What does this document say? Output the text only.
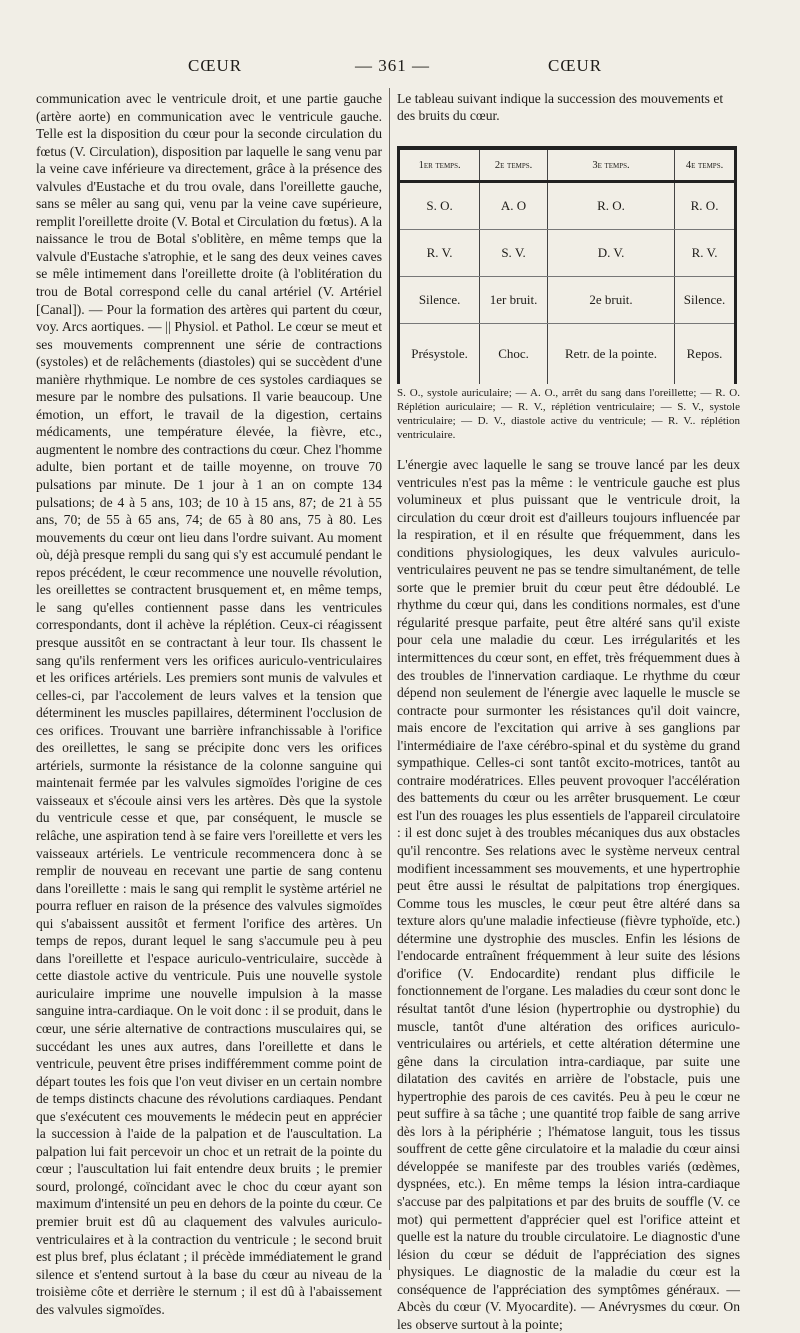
CŒUR	— 361 —	CŒUR

communication avec le ventricule droit, et une partie gauche (artère aorte) en communication avec le ventricule gauche. Telle est la disposition du cœur pour la seconde circulation du fœtus (V. Circulation), disposition par laquelle le sang venu par la veine cave inférieure va directement, grâce à la présence des valvules d'Eustache et du trou ovale, dans l'oreillette gauche, sans se mêler au sang qui, venu par la veine cave supérieure, remplit l'oreillette droite (V. Botal et Circulation du fœtus). A la naissance le trou de Botal s'oblitère, en même temps que la valvule d'Eustache s'atrophie, et le sang des deux veines caves se mêle intimement dans l'oreillette droite (à l'oblitération du trou de Botal correspond celle du canal artériel (V. Artériel [Canal]). — Pour la formation des artères qui partent du cœur, voy. Arcs aortiques. — || Physiol. et Pathol. Le cœur se meut et ses mouvements comprennent une série de contractions (systoles) et de relâchements (diastoles) qui se succèdent d'une manière rhythmique. Le nombre de ces systoles cardiaques se mesure par le nombre des pulsations. Il varie beaucoup. Une émotion, un effort, le travail de la digestion, certains médicaments, une température élevée, la fièvre, etc., augmentent le nombre des contractions du cœur. Chez l'homme adulte, bien portant et de taille moyenne, on trouve 70 pulsations par minute. De 1 jour à 1 an on compte 134 pulsations; de 4 à 5 ans, 103; de 10 à 15 ans, 87; de 21 à 55 ans, 70; de 55 à 65 ans, 74; de 65 à 80 ans, 75 à 80. Les mouvements du cœur ont lieu dans l'ordre suivant. Au moment où, déjà presque rempli du sang qui s'y est accumulé pendant le repos précédent, le cœur recommence une nouvelle révolution, les oreillettes se contractent brusquement et, en même temps, le sang qu'elles contiennent passe dans les ventricules correspondants, dont il achève la réplétion. Ceux-ci réagissent presque aussitôt en se contractant à leur tour. Ils chassent le sang qu'ils renferment vers les orifices auriculo-ventriculaires et les orifices artériels. Les premiers sont munis de valvules et celles-ci, par l'accolement de leurs valves et la tension que déterminent les muscles papillaires, déterminent l'occlusion de ces orifices. Trouvant une barrière infranchissable à l'orifice des oreillettes, le sang se précipite donc vers les orifices artériels, surmonte la résistance de la colonne sanguine qui maintenait fermée par les valvules sigmoïdes l'origine de ces vaisseaux et s'écoule ainsi vers les artères. Dès que la systole du ventricule cesse et que, par conséquent, le muscle se relâche, une aspiration tend à se faire vers l'oreillette et vers les vaisseaux artériels. Le ventricule recommencera donc à se remplir de nouveau en recevant une partie de sang contenu dans l'oreillette : mais le sang qui remplit le système artériel ne pourra refluer en raison de la présence des valvules sigmoïdes qui s'abaissent aussitôt et ferment l'orifice des artères. Un temps de repos, durant lequel le sang s'accumule peu à peu dans l'oreillette et l'espace auriculo-ventriculaire, succède à cette diastole active du ventricule. Puis une nouvelle systole auriculaire imprime une nouvelle impulsion à la masse sanguine intra-cardiaque. On le voit donc : il se produit, dans le cœur, une série alternative de contractions musculaires qui, se succédant les unes aux autres, dans l'oreillette et dans le ventricule, peuvent être prises indifféremment comme point de départ toutes les fois que l'on veut diviser en un certain nombre de temps distincts chacune des révolutions cardiaques. Pendant que s'exécutent ces mouvements le médecin peut en apprécier la succession à l'aide de la palpation et de l'auscultation. La palpation lui fait percevoir un choc et un retrait de la pointe du cœur ; l'auscultation lui fait entendre deux bruits ; le premier sourd, prolongé, coïncidant avec le choc du cœur ayant son maximum d'intensité un peu en dehors de la pointe du cœur. Ce premier bruit est dû au claquement des valvules auriculo-ventriculaires et à la contraction du ventricule ; le second bruit est plus bref, plus éclatant ; il précède immédiatement le grand silence et s'entend surtout à la base du cœur au niveau de la troisième côte et derrière le sternum ; il est dû à l'abaissement des valvules sigmoïdes.

Le tableau suivant indique la succession des mouvements et des bruits du cœur.
1er temps.	2e temps.	3e temps.	4e temps.
S. O.	A. O	R. O.	R. O.
R. V.	S. V.	D. V.	R. V.
Silence.	1er bruit.	2e bruit.	Silence.
Présystole.	Choc.	Retr. de la pointe.	Repos.
S. O., systole auriculaire; — A. O., arrêt du sang dans l'oreillette; — R. O. Réplétion auriculaire; — R. V., réplétion ventriculaire; — S. V., systole ventriculaire; — D. V., diastole active du ventricule; — R. V.. réplétion ventriculaire.

L'énergie avec laquelle le sang se trouve lancé par les deux ventricules n'est pas la même : le ventricule gauche est plus volumineux et plus puissant que le ventricule droit, la circulation du cœur droit est d'ailleurs toujours influencée par la respiration, et il en résulte que fréquemment, dans les conditions physiologiques, les deux valvules auriculo-ventriculaires peuvent ne pas se tendre simultanément, de telle sorte que le premier bruit du cœur peut être dédoublé. Le rhythme du cœur qui, dans les conditions normales, est d'une régularité presque parfaite, peut être altéré sans qu'il existe pour cela une maladie du cœur. Les irrégularités et les intermittences du cœur sont, en effet, très fréquemment dues à des troubles de l'innervation cardiaque. Le rhythme du cœur dépend non seulement de l'énergie avec laquelle le muscle se contracte pour surmonter les résistances qu'il doit vaincre, mais encore de l'excitation qui arrive à ses ganglions par l'intermédiaire de l'axe cérébro-spinal et du système du grand sympathique. Celles-ci sont tantôt excito-motrices, tantôt au contraire modératrices. Elles peuvent provoquer l'accélération des battements du cœur ou les arrêter brusquement. Le cœur est l'un des rouages les plus essentiels de l'appareil circulatoire : il est donc sujet à des troubles mécaniques dus aux obstacles qu'il rencontre. Ses relations avec le système nerveux central modifient incessamment ses mouvements, et une hypertrophie peut être aussi le résultat de palpitations trop énergiques. Comme tous les muscles, le cœur peut être altéré dans sa texture alors qu'une maladie infectieuse (fièvre typhoïde, etc.) détermine une dystrophie des muscles. Enfin les lésions de l'endocarde entraînent fréquemment à leur suite des lésions d'orifice (V. Endocardite) rendant plus difficile le fonctionnement de l'organe. Les maladies du cœur sont donc le résultat tantôt d'une lésion (hypertrophie ou dystrophie) du muscle, tantôt d'une altération des orifices auriculo-ventriculaires ou artériels, et cette altération détermine une gêne dans la circulation intra-cardiaque, par suite une dilatation des cavités en arrière de l'obstacle, puis une hypertrophie des parois de ces cavités. Peu à peu le cœur ne peut suffire à sa tâche ; une quantité trop faible de sang arrive dès lors à la périphérie ; l'hématose languit, tous les tissus souffrent de cette gêne circulatoire et la maladie du cœur ainsi développée se manifeste par des troubles variés (œdèmes, dyspnées, etc.). En même temps la lésion intra-cardiaque s'accuse par des palpitations et par des bruits de souffle (V. ce mot) qui permettent d'apprécier quel est l'orifice atteint et quelle est la nature du trouble circulatoire. Le diagnostic d'une lésion du cœur se déduit de l'appréciation des signes physiques. Le diagnostic de la maladie du cœur est la conséquence de l'appréciation des symptômes généraux. — Abcès du cœur (V. Myocardite). — Anévrysmes du cœur. On les observe surtout à la pointe;
